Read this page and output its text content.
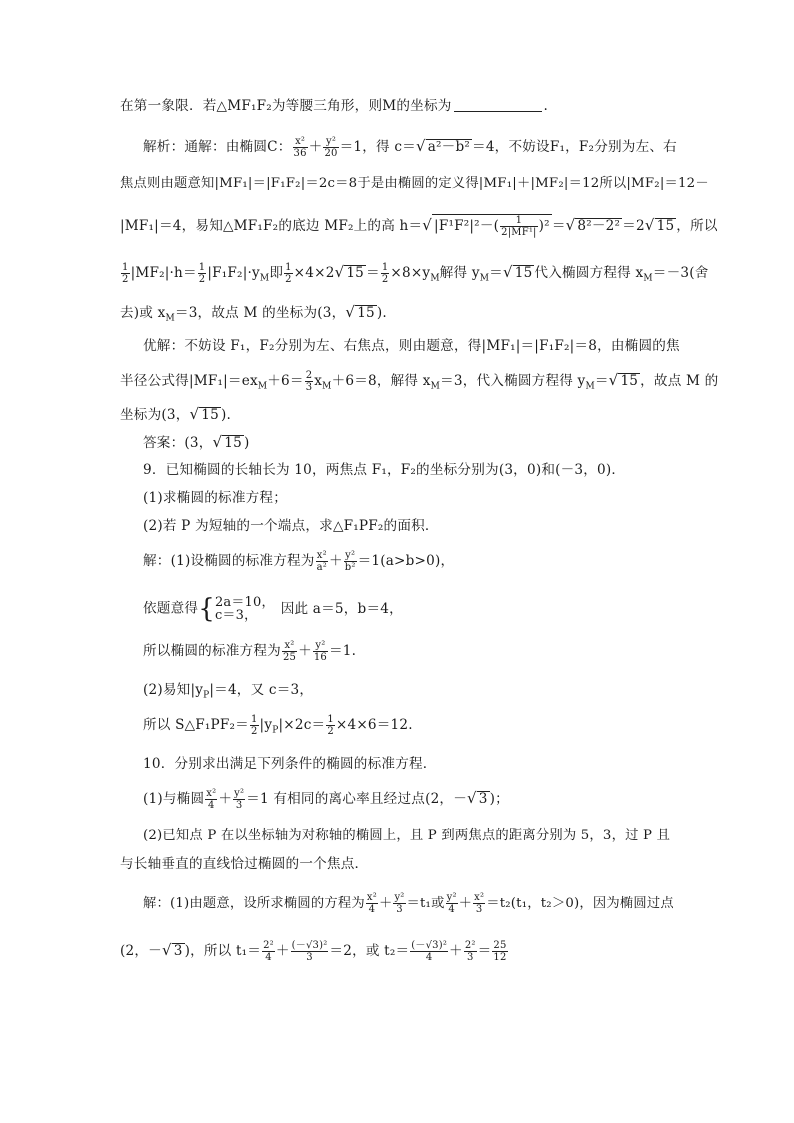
在第一象限．若△MF₁F₂为等腰三角形，则M的坐标为	.
解析：通解：由椭圆C： $\frac{\text{x²}}{36} + \frac{\text{y²}}{20} =1$，得 c＝√ a²－b² ＝4，不妨设F₁，F₂分别为左、右
焦点则由题意知|MF₁|＝|F₁F₂|＝2c＝8于是由椭圆的定义得|MF₁|＋|MF₂|＝12所以|MF₂|＝12－
|MF₁|＝4，易知△MF₁F₂的底边 MF₂上的高 h＝√ $|F^1F^2|^2-( \frac{1}{\text{2|MF¹|}} )^2$ ＝√ 8²－2² ＝2√ 15 ，所以
$\frac{1}{2} |MF_2|\cdot h= \frac{1}{2} |F_1F_2|\cdot y_M$即 $\frac{1}{2} \times 4\times 2√$ $15 = \frac{1}{2} \times 8\times y_M$解得 $y_M=√$ 15 代入椭圆方程得 $x_M=-3$(舍
去)或 $x_M=3$，故点 M 的坐标为(3，√ 15 ).
优解：不妨设 F₁，F₂分别为左、右焦点，则由题意，得|MF₁|＝|F₁F₂|＝8，由椭圆的焦
半径公式得$|MF_1|=ex_M+6= \frac{2}{3} x_M+6=8$，解得 $x_M=3$，代入椭圆方程得 $y_M=√$ 15 ，故点 M 的
坐标为(3，√ 15 ).
答案：(3，√ 15 )
9．已知椭圆的长轴长为 10，两焦点 F₁，F₂的坐标分别为(3，0)和(－3，0)．
(1)求椭圆的标准方程；
(2)若 P 为短轴的一个端点，求△F₁PF₂的面积．
解：(1)设椭圆的标准方程为 $\frac{\text{x²}}{\text{a²}} + \frac{\text{y²}}{\text{b²}} =1(a>b>0)$，
依题意得{ 2a＝10，
c＝3，	因此 a＝5，b＝4，
所以椭圆的标准方程为 $\frac{\text{x²}}{25} + \frac{\text{y²}}{16} =1$.
(2)易知$|y_P|=4$，又 c＝3，
所以 S△F₁PF₂＝ $\frac{1}{2} |y_P|\times 2c= \frac{1}{2} \times 4\times 6=12$.
10．分别求出满足下列条件的椭圆的标准方程．
(1)与椭圆 $\frac{\text{x²}}{4} + \frac{\text{y²}}{3} =1$ 有相同的离心率且经过点(2，－√ 3 )；
(2)已知点 P 在以坐标轴为对称轴的椭圆上，且 P 到两焦点的距离分别为 5，3，过 P 且
与长轴垂直的直线恰过椭圆的一个焦点．
解：(1)由题意，设所求椭圆的方程为 $\frac{\text{x²}}{4} + \frac{\text{y²}}{3} =t_1$或 $\frac{\text{y²}}{4} + \frac{\text{x²}}{3} =t_2(t_1$，t₂＞0)，因为椭圆过点
(2，－√ 3 )，所以 $t_1= \frac{\text{2²}}{4} + \frac{\text{(－√3)²}}{3} =2$，或 $t_2= \frac{\text{(－√3)²}}{4} + \frac{\text{2²}}{3} = \frac{25}{12}$
